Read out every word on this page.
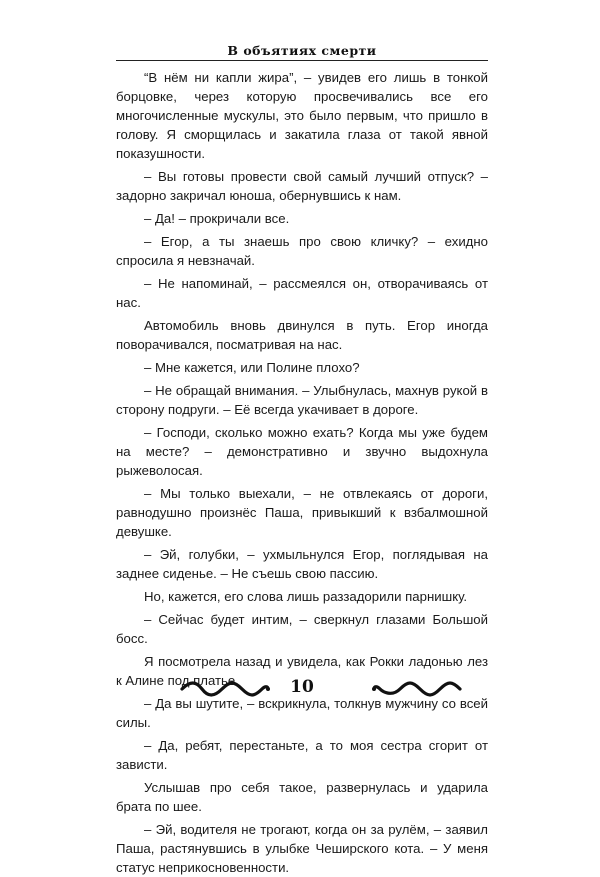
В объятиях смерти

“В нём ни капли жира”, – увидев его лишь в тонкой борцовке, через которую просвечивались все его многочисленные мускулы, это было первым, что пришло в голову. Я сморщилась и закатила глаза от такой явной показушности.

– Вы готовы провести свой самый лучший отпуск? – задорно закричал юноша, обернувшись к нам.

– Да! – прокричали все.

– Егор, а ты знаешь про свою кличку? – ехидно спросила я невзначай.

– Не напоминай, – рассмеялся он, отворачиваясь от нас.

Автомобиль вновь двинулся в путь. Егор иногда поворачивался, посматривая на нас.

– Мне кажется, или Полине плохо?

– Не обращай внимания. – Улыбнулась, махнув рукой в сторону подруги. – Её всегда укачивает в дороге.

– Господи, сколько можно ехать? Когда мы уже будем на месте? – демонстративно и звучно выдохнула рыжеволосая.

– Мы только выехали, – не отвлекаясь от дороги, равнодушно произнёс Паша, привыкший к взбалмошной девушке.

– Эй, голубки, – ухмыльнулся Егор, поглядывая на заднее сиденье. – Не съешь свою пассию.

Но, кажется, его слова лишь раззадорили парнишку.

– Сейчас будет интим, – сверкнул глазами Большой босс.

Я посмотрела назад и увидела, как Рокки ладонью лез к Алине под платье.

– Да вы шутите, – вскрикнула, толкнув мужчину со всей силы.

– Да, ребят, перестаньте, а то моя сестра сгорит от зависти.

Услышав про себя такое, развернулась и ударила брата по шее.

– Эй, водителя не трогают, когда он за рулём, – заявил Паша, растянувшись в улыбке Чеширского кота. – У меня статус неприкосновенности.

10
